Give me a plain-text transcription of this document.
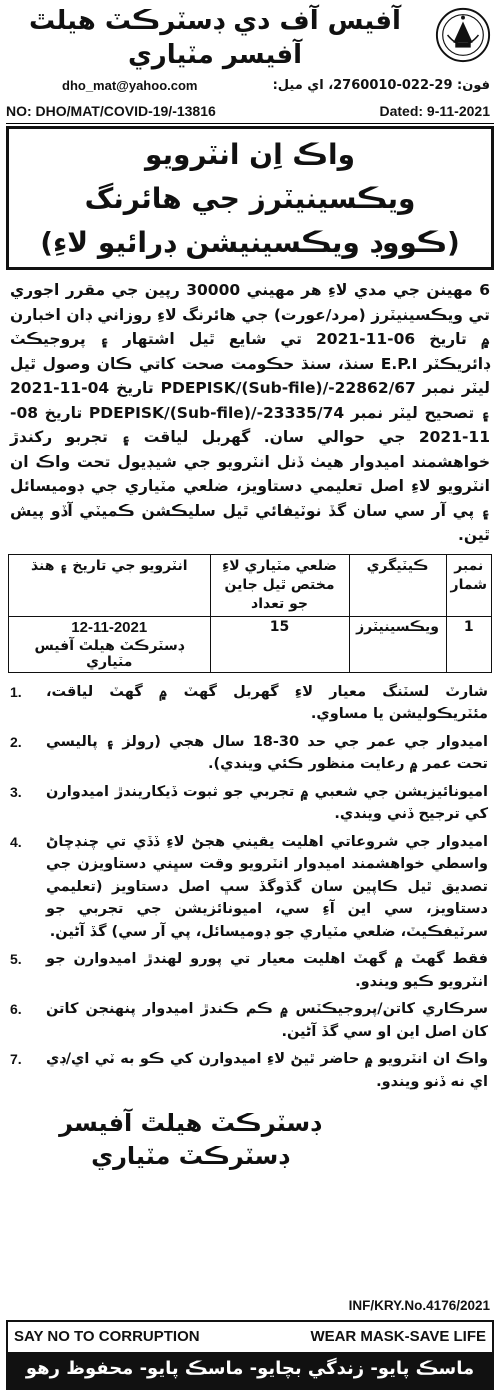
آفيس آف دي ڊسٽرڪٽ هيلٿ
آفيسر مٽياري
dho_mat@yahoo.com	فون: 29-022-2760010، اي ميل:
NO: DHO/MAT/COVID-19/-13816	Dated: 9-11-2021
واڪ اِن انٽرويو
ويڪسينيٽرز جي هائرنگ
(ڪووڊ ويڪسينيشن ڊرائيو لاءِ)

6 مهينن جي مدي لاءِ هر مهيني 30000 رپين جي مقرر اجوري تي ويڪسينيٽرز (مرد/عورت) جي هائرنگ لاءِ روزاني ڊان اخبارن ۾ تاريخ 06-11-2021 تي شايع ٿيل اشتهار ۽ پروجيڪٽ ڊائريڪٽر E.P.I سنڌ، سنڌ حڪومت صحت کاتي ڪان وصول ٿيل ليٽر نمبر PDEPISK/(Sub-file)/-22862/67 تاريخ 04-11-2021 ۽ تصحيح ليٽر نمبر PDEPISK/(Sub-file)/-23335/74 تاريخ 08-11-2021 جي حوالي سان. گهربل لياقت ۽ تجربو رکندڙ خواهشمند اميدوار هيٺ ڏنل انٽرويو جي شيڊيول تحت واڪ ان انٽرويو لاءِ اصل تعليمي دستاويز، ضلعي مٽياري جي ڊوميسائل ۽ پي آر سي سان گڏ نوٽيفائي ٿيل سليڪشن ڪميٽي آڏو پيش ٿين.

نمبر شمار	ڪيٽيگري	ضلعي مٽياري لاءِ مختص ٿيل جاين جو تعداد	انٽرويو جي تاريخ ۽ هنڌ
1	ويڪسينيٽرز	15	12-11-2021
ڊسٽرڪٽ هيلٿ آفيس مٽياري
1. شارٽ لسٽنگ معيار لاءِ گهربل گهٽ ۾ گهٽ لياقت، مئٽريڪوليشن يا مساوي.
2. اميدوار جي عمر جي حد 30-18 سال هجي (رولز ۽ پاليسي تحت عمر ۾ رعايت منظور ڪئي ويندي).
3. اميونائيزيشن جي شعبي ۾ تجربي جو ثبوت ڏيکاريندڙ اميدوارن کي ترجيح ڏني ويندي.
4. اميدوار جي شروعاتي اهليت يقيني هجڻ لاءِ ڏڏي تي چنڊچاڻ واسطي خواهشمند اميدوار انٽرويو وقت سڀني دستاويزن جي تصديق ٿيل ڪاپين سان گڏوگڏ سڀ اصل دستاويز (تعليمي دستاويز، سي اين آءِ سي، اميونائزيشن جي تجربي جو سرٽيفڪيٽ، ضلعي مٽياري جو ڊوميسائل، پي آر سي) گڏ آڻين.
5. فقط گهٽ ۾ گهٽ اهليت معيار تي پورو لهندڙ اميدوارن جو انٽرويو ڪيو ويندو.
6. سرڪاري کاتن/پروجيڪٽس ۾ ڪم ڪندڙ اميدوار پنهنجن کاتن کان اصل اين او سي گڏ آڻين.
7. واڪ ان انٽرويو ۾ حاضر ٿيڻ لاءِ اميدوارن کي ڪو به ٽي اي/ڊي اي نه ڏنو ويندو.
ڊسٽرڪٽ هيلٿ آفيسر
ڊسٽرڪٽ مٽياري
INF/KRY.No.4176/2021
SAY NO TO CORRUPTION	WEAR MASK-SAVE LIFE
ماسڪ پايو- زندگي بچايو- ماسڪ پايو- محفوظ رهو
